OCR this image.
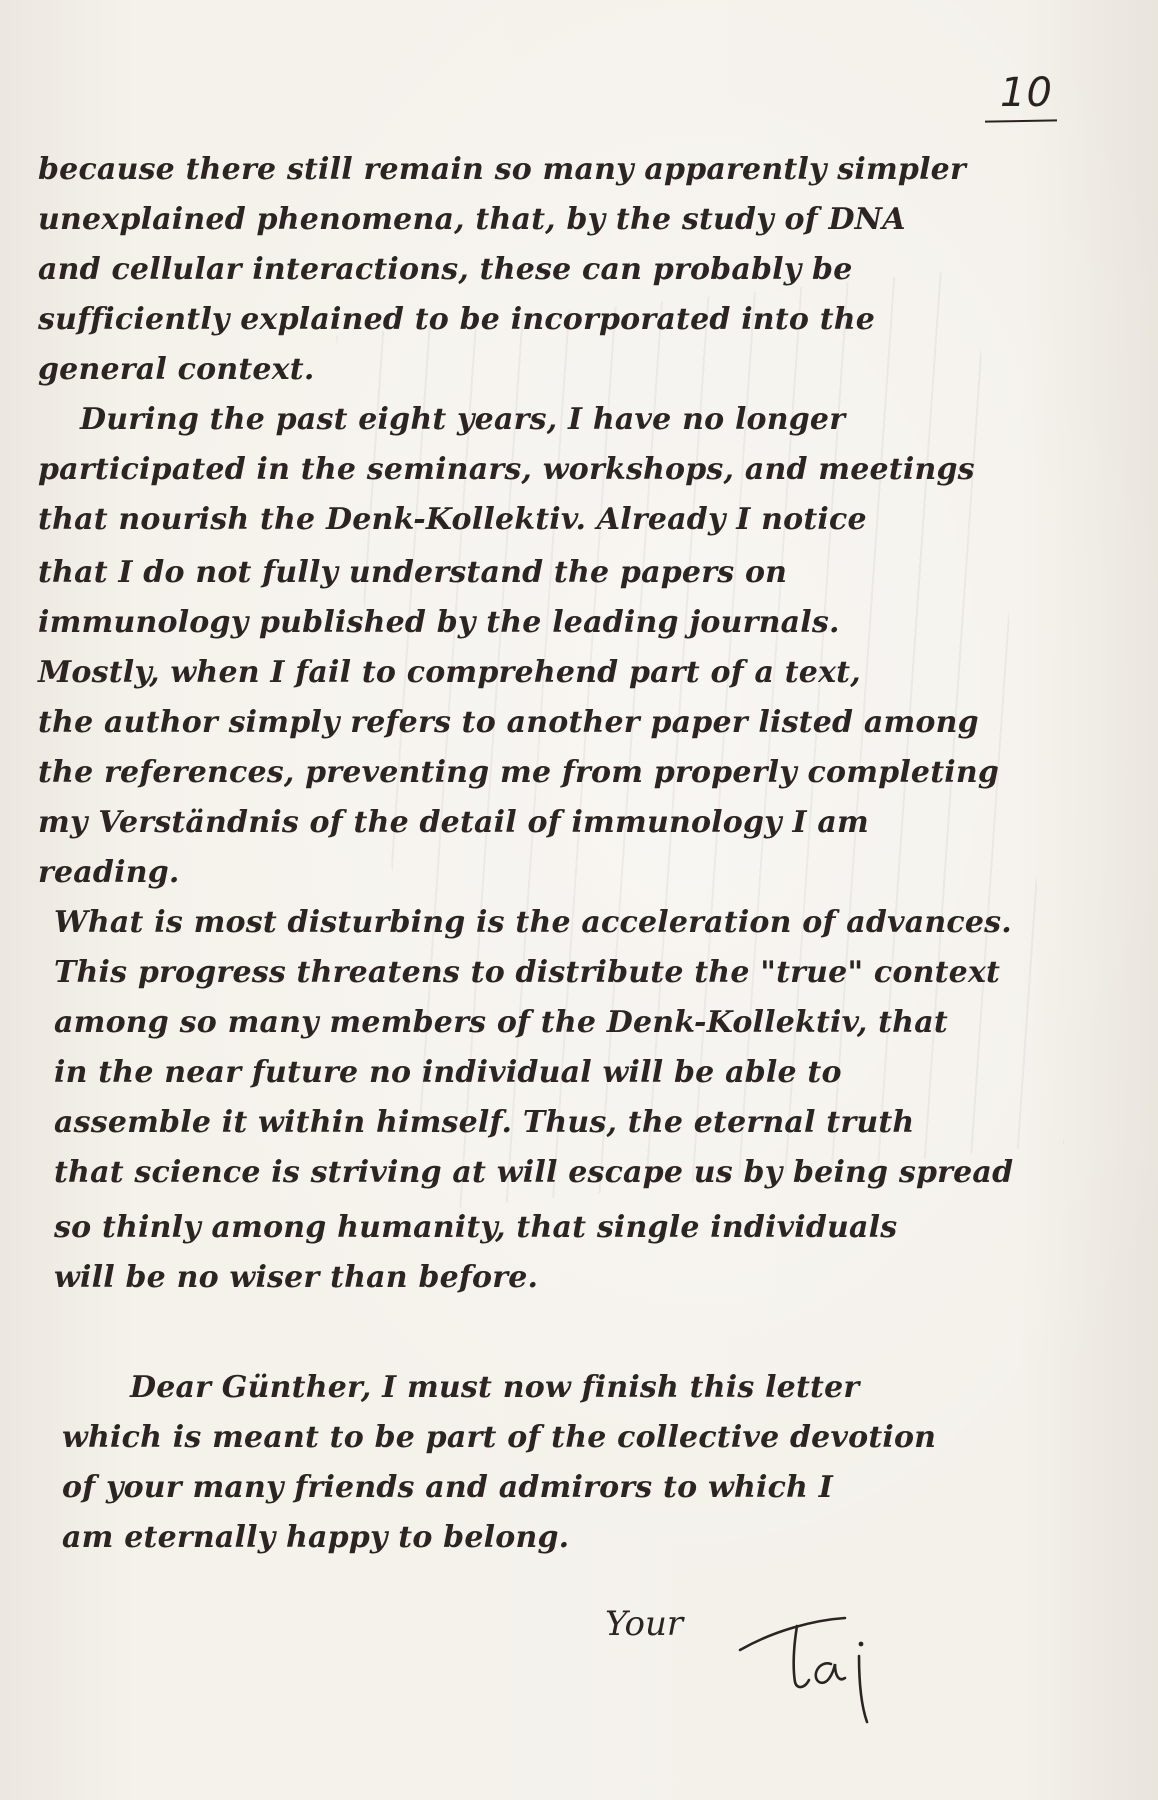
10
because there still remain so many apparently simpler
unexplained phenomena, that, by the study of DNA
and cellular interactions, these can probably be
sufficiently explained to be incorporated into the
general context.
During the past eight years, I have no longer
participated in the seminars, workshops, and meetings
that nourish the Denk-Kollektiv. Already I notice
that I do not fully understand the papers on
immunology published by the leading journals.
Mostly, when I fail to comprehend part of a text,
the author simply refers to another paper listed among
the references, preventing me from properly completing
my Verständnis of the detail of immunology I am
reading.
What is most disturbing is the acceleration of advances.
This progress threatens to distribute the "true" context
among so many members of the Denk-Kollektiv, that
in the near future no individual will be able to
assemble it within himself. Thus, the eternal truth
that science is striving at will escape us by being spread
so thinly among humanity, that single individuals
will be no wiser than before.
Dear Günther, I must now finish this letter
which is meant to be part of the collective devotion
of your many friends and admirors to which I
am eternally happy to belong.
Your
